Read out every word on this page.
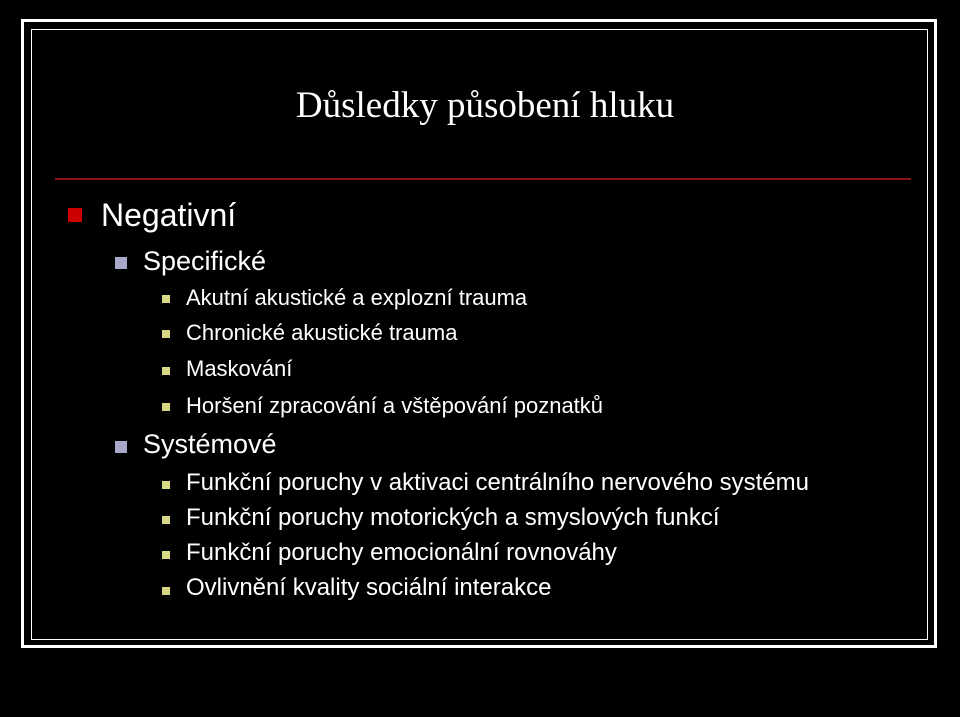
Důsledky působení hluku
Negativní
Specifické
Akutní akustické a explozní trauma
Chronické akustické trauma
Maskování
Horšení zpracování a vštěpování poznatků
Systémové
Funkční poruchy v aktivaci centrálního nervového systému
Funkční poruchy motorických a smyslových funkcí
Funkční poruchy emocionální rovnováhy
Ovlivnění kvality sociální interakce
